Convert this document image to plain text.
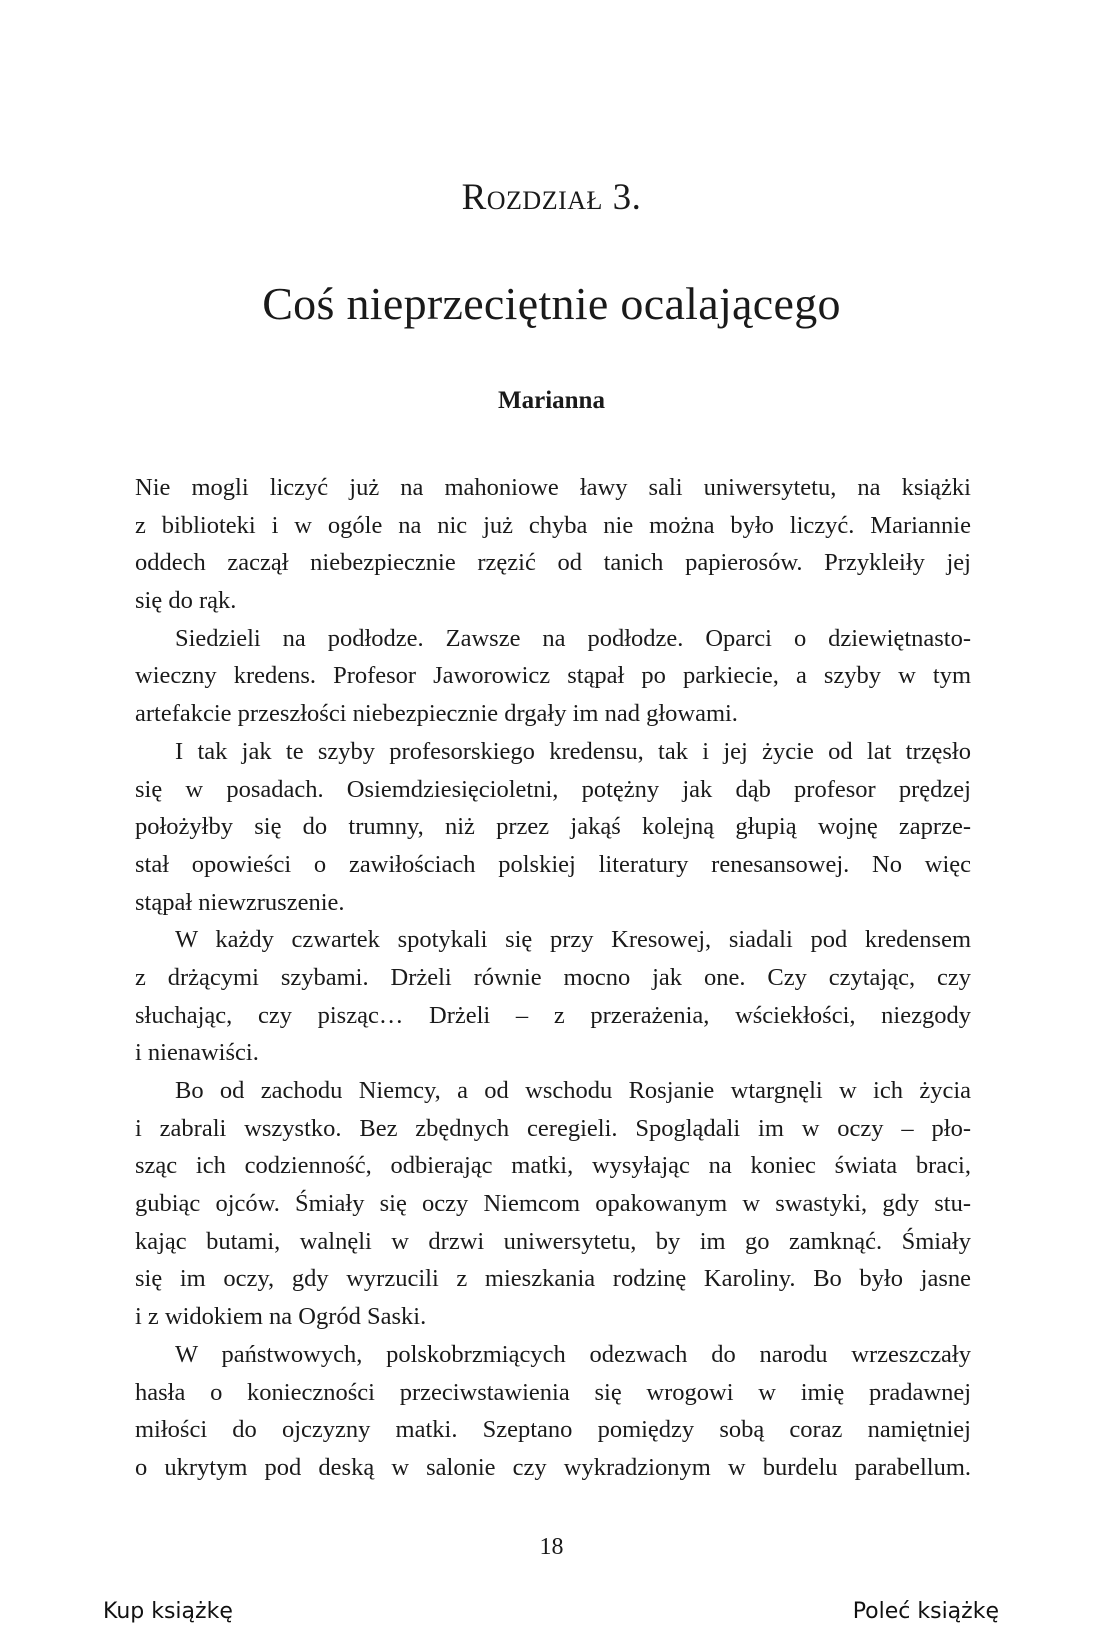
Rozdział 3.
Coś nieprzeciętnie ocalającego
Marianna
Nie mogli liczyć już na mahoniowe ławy sali uniwersytetu, na książki
z biblioteki i w ogóle na nic już chyba nie można było liczyć. Mariannie
oddech zaczął niebezpiecznie rzęzić od tanich papierosów. Przykleiły jej
się do rąk.
Siedzieli na podłodze. Zawsze na podłodze. Oparci o dziewiętnasto-
wieczny kredens. Profesor Jaworowicz stąpał po parkiecie, a szyby w tym
artefakcie przeszłości niebezpiecznie drgały im nad głowami.
I tak jak te szyby profesorskiego kredensu, tak i jej życie od lat trzęsło
się w posadach. Osiemdziesięcioletni, potężny jak dąb profesor prędzej
położyłby się do trumny, niż przez jakąś kolejną głupią wojnę zaprze-
stał opowieści o zawiłościach polskiej literatury renesansowej. No więc
stąpał niewzruszenie.
W każdy czwartek spotykali się przy Kresowej, siadali pod kredensem
z drżącymi szybami. Drżeli równie mocno jak one. Czy czytając, czy
słuchając, czy pisząc… Drżeli – z przerażenia, wściekłości, niezgody
i nienawiści.
Bo od zachodu Niemcy, a od wschodu Rosjanie wtargnęli w ich życia
i zabrali wszystko. Bez zbędnych ceregieli. Spoglądali im w oczy – pło-
sząc ich codzienność, odbierając matki, wysyłając na koniec świata braci,
gubiąc ojców. Śmiały się oczy Niemcom opakowanym w swastyki, gdy stu-
kając butami, walnęli w drzwi uniwersytetu, by im go zamknąć. Śmiały
się im oczy, gdy wyrzucili z mieszkania rodzinę Karoliny. Bo było jasne
i z widokiem na Ogród Saski.
W państwowych, polskobrzmiących odezwach do narodu wrzeszczały
hasła o konieczności przeciwstawienia się wrogowi w imię pradawnej
miłości do ojczyzny matki. Szeptano pomiędzy sobą coraz namiętniej
o ukrytym pod deską w salonie czy wykradzionym w burdelu parabellum.
18
Kup książkę	Poleć książkę
